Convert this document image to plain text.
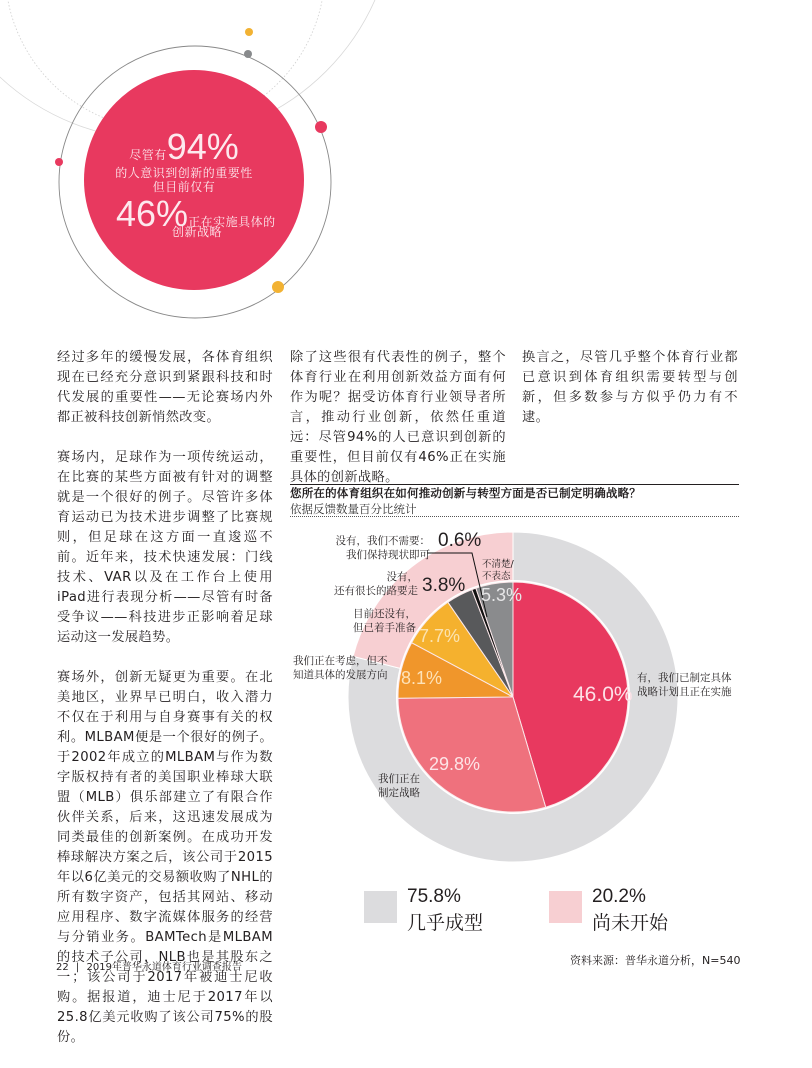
尽管有94%
的人意识到创新的重要性
但目前仅有
46%正在实施具体的
创新战略

经过多年的缓慢发展，各体育组织现在已经充分意识到紧跟科技和时代发展的重要性——无论赛场内外都正被科技创新悄然改变。

赛场内，足球作为一项传统运动，在比赛的某些方面被有针对的调整就是一个很好的例子。尽管许多体育运动已为技术进步调整了比赛规则，但足球在这方面一直逡巡不前。近年来，技术快速发展：门线技术、VAR以及在工作台上使用iPad进行表现分析——尽管有时备受争议——科技进步正影响着足球运动这一发展趋势。

赛场外，创新无疑更为重要。在北美地区，业界早已明白，收入潜力不仅在于利用与自身赛事有关的权利。MLBAM便是一个很好的例子。于2002年成立的MLBAM与作为数字版权持有者的美国职业棒球大联盟（MLB）俱乐部建立了有限合作伙伴关系，后来，这迅速发展成为同类最佳的创新案例。在成功开发棒球解决方案之后，该公司于2015年以6亿美元的交易额收购了NHL的所有数字资产，包括其网站、移动应用程序、数字流媒体服务的经营与分销业务。BAMTech是MLBAM的技术子公司，NLB也是其股东之一；该公司于2017年被迪士尼收购。据报道，迪士尼于2017年以25.8亿美元收购了该公司75%的股份。

除了这些很有代表性的例子，整个体育行业在利用创新效益方面有何作为呢？据受访体育行业领导者所言，推动行业创新，依然任重道远：尽管94%的人已意识到创新的重要性，但目前仅有46%正在实施具体的创新战略。

换言之，尽管几乎整个体育行业都已意识到体育组织需要转型与创新，但多数参与方似乎仍力有不逮。

您所在的体育组织在如何推动创新与转型方面是否已制定明确战略？
依据反馈数量百分比统计
没有，我们不需要：
我们保持现状即可
0.6%
不清楚/
不表态
没有，
还有很长的路要走 3.8% 5.3%
目前还没有，
但已着手准备 7.7%
我们正在考虑，但不
知道具体的发展方向 8.1%	有，我们已制定具体
战略计划且正在实施
46.0%
29.8%
我们正在
制定战略
75.8%
几乎成型
20.2%
尚未开始
资料来源：普华永道分析，N=540
22 | 2019年普华永道体育行业调查报告
